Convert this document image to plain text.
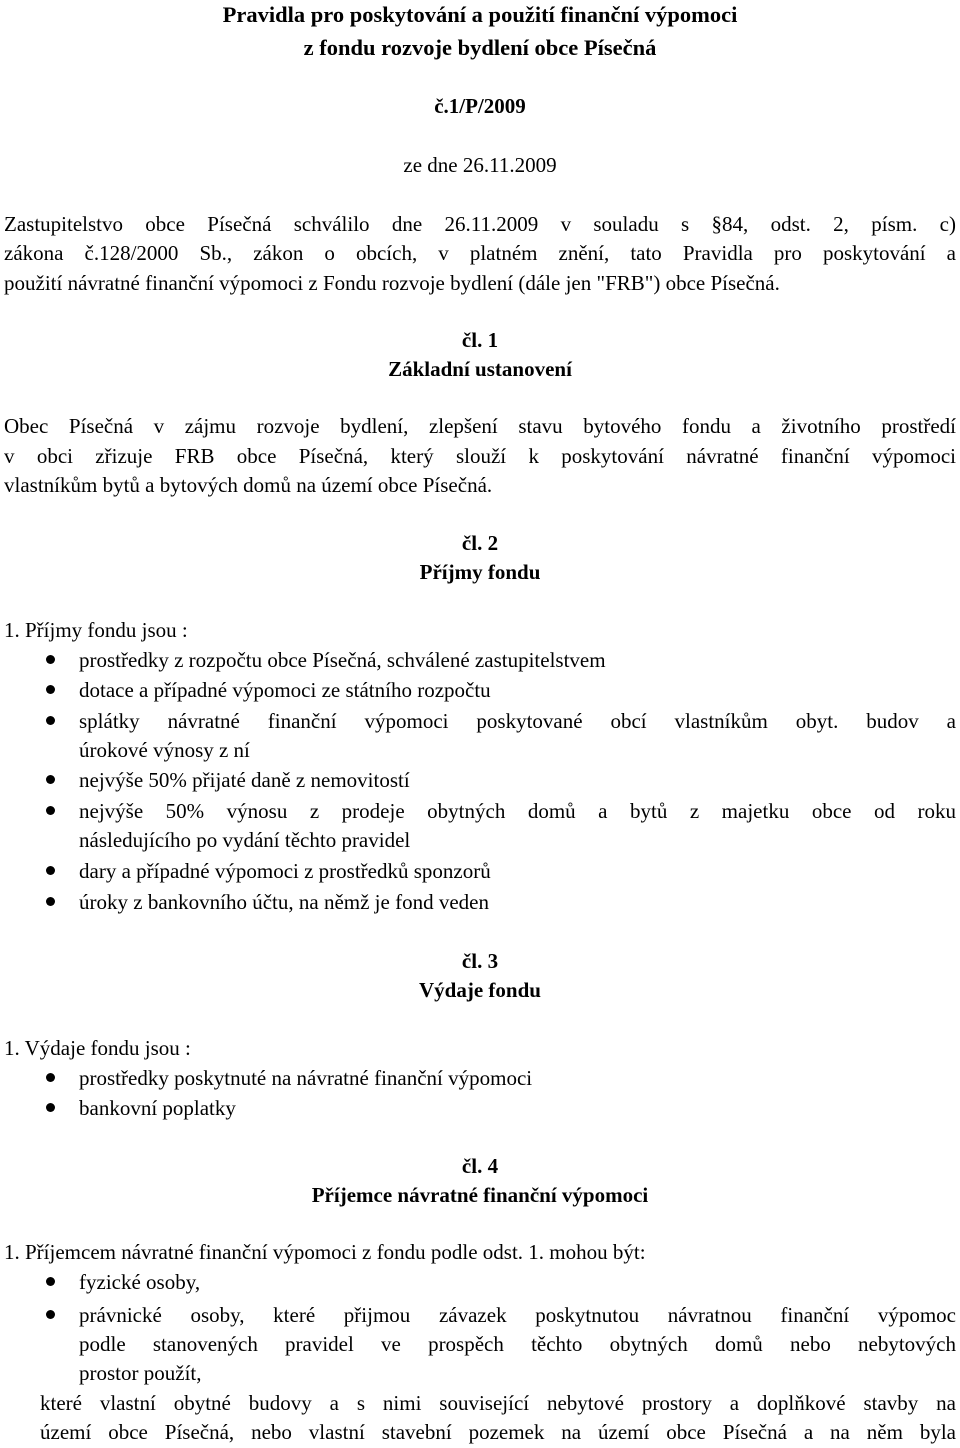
Pravidla pro poskytování a použití finanční výpomoci
z fondu rozvoje bydlení obce Písečná
č.1/P/2009
ze dne 26.11.2009
Zastupitelstvo obce Písečná schválilo dne 26.11.2009 v souladu s §84, odst. 2, písm. c)
zákona č.128/2000 Sb., zákon o obcích, v platném znění, tato Pravidla pro poskytování a
použití návratné finanční výpomoci z Fondu rozvoje bydlení (dále jen "FRB") obce Písečná.
čl. 1
Základní ustanovení
Obec Písečná v zájmu rozvoje bydlení, zlepšení stavu bytového fondu a životního prostředí
v obci zřizuje FRB obce Písečná, který slouží k poskytování návratné finanční výpomoci
vlastníkům bytů a bytových domů na území obce Písečná.
čl. 2
Příjmy fondu
1. Příjmy fondu jsou :
prostředky z rozpočtu obce Písečná, schválené zastupitelstvem
dotace a případné výpomoci ze státního rozpočtu
splátky návratné finanční výpomoci poskytované obcí vlastníkům obyt. budov a
úrokové výnosy z ní
nejvýše 50% přijaté daně z nemovitostí
nejvýše 50% výnosu z prodeje obytných domů a bytů z majetku obce od roku
následujícího po vydání těchto pravidel
dary a případné výpomoci z prostředků sponzorů
úroky z bankovního účtu, na němž je fond veden
čl. 3
Výdaje fondu
1. Výdaje fondu jsou :
prostředky poskytnuté na návratné finanční výpomoci
bankovní poplatky
čl. 4
Příjemce návratné finanční výpomoci
1. Příjemcem návratné finanční výpomoci z fondu podle odst. 1. mohou být:
fyzické osoby,
právnické osoby, které přijmou závazek poskytnutou návratnou finanční výpomoc
podle stanovených pravidel ve prospěch těchto obytných domů nebo nebytových
prostor použít,
které vlastní obytné budovy a s nimi související nebytové prostory a doplňkové stavby na
území obce Písečná, nebo vlastní stavební pozemek na území obce Písečná a na něm byla
